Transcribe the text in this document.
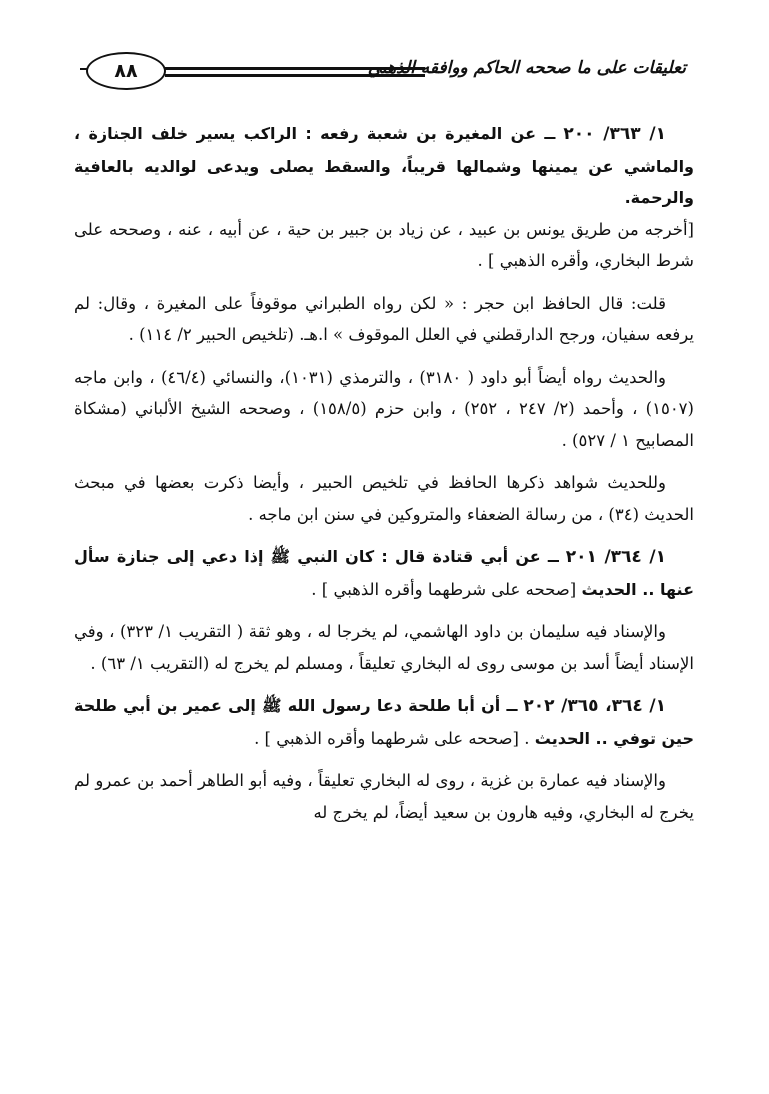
٨٨	تعليقات على ما صححه الحاكم ووافقه الذهبي

١/ ٣٦٣/ ٢٠٠ ــ عن المغيرة بن شعبة رفعه : الراكب يسير خلف الجنازة ، والماشي عن يمينها وشمالها قريباً، والسقط يصلى ويدعى لوالديه بالعافية والرحمة.
[أخرجه من طريق يونس بن عبيد ، عن زياد بن جبير بن حية ، عن أبيه ، عنه ، وصححه على شرط البخاري، وأقره الذهبي ] .

قلت: قال الحافظ ابن حجر : « لكن رواه الطبراني موقوفاً على المغيرة ، وقال: لم يرفعه سفيان، ورجح الدارقطني في العلل الموقوف » ا.هـ. (تلخيص الحبير ٢/ ١١٤) .

والحديث رواه أيضاً أبو داود ( ٣١٨٠) ، والترمذي (١٠٣١)، والنسائي (٤٦/٤) ، وابن ماجه (١٥٠٧) ، وأحمد (٢/ ٢٤٧ ، ٢٥٢) ، وابن حزم (١٥٨/٥) ، وصححه الشيخ الألباني (مشكاة المصابيح ١ / ٥٢٧) .

وللحديث شواهد ذكرها الحافظ في تلخيص الحبير ، وأيضا ذكرت بعضها في مبحث الحديث (٣٤) ، من رسالة الضعفاء والمتروكين في سنن ابن ماجه .

١/ ٣٦٤/ ٢٠١ ــ عن أبي قتادة قال : كان النبي ﷺ إذا دعي إلى جنازة سأل عنها .. الحديث [صححه على شرطهما وأقره الذهبي ] .

والإسناد فيه سليمان بن داود الهاشمي، لم يخرجا له ، وهو ثقة ( التقريب ١/ ٣٢٣) ، وفي الإسناد أيضاً أسد بن موسى روى له البخاري تعليقاً ، ومسلم لم يخرج له (التقريب ١/ ٦٣) .

١/ ٣٦٤، ٣٦٥/ ٢٠٢ ــ أن أبا طلحة دعا رسول الله ﷺ إلى عمير بن أبي طلحة حين توفي .. الحديث . [صححه على شرطهما وأقره الذهبي ] .

والإسناد فيه عمارة بن غزية ، روى له البخاري تعليقاً ، وفيه أبو الطاهر أحمد بن عمرو لم يخرج له البخاري، وفيه هارون بن سعيد أيضاً، لم يخرج له
